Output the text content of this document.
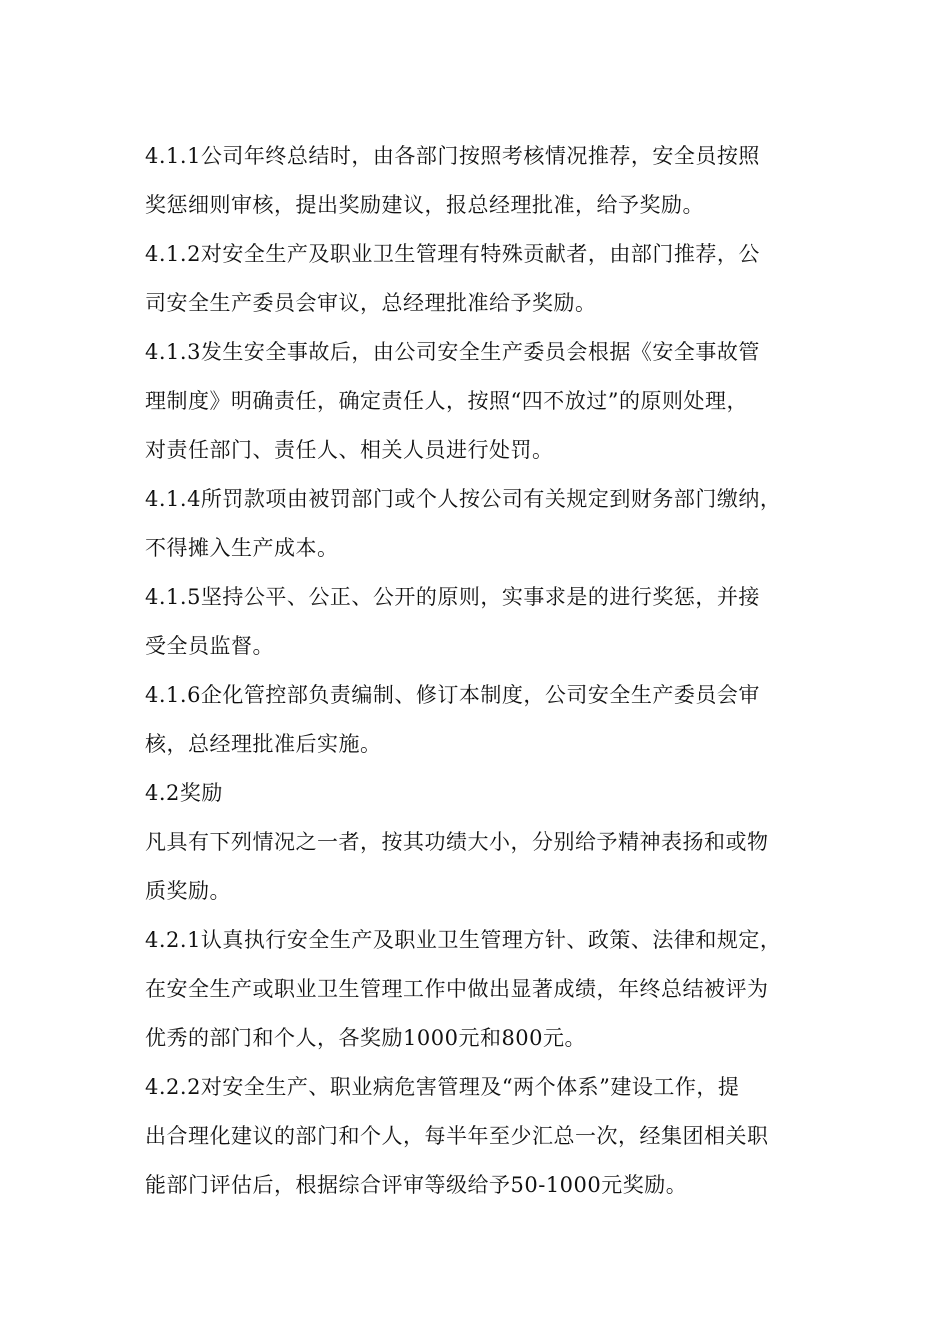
4.1.1公司年终总结时，由各部门按照考核情况推荐，安全员按照
奖惩细则审核，提出奖励建议，报总经理批准，给予奖励。
4.1.2对安全生产及职业卫生管理有特殊贡献者，由部门推荐，公
司安全生产委员会审议，总经理批准给予奖励。
4.1.3发生安全事故后，由公司安全生产委员会根据《安全事故管
理制度》明确责任，确定责任人，按照“四不放过”的原则处理，
对责任部门、责任人、相关人员进行处罚。
4.1.4所罚款项由被罚部门或个人按公司有关规定到财务部门缴纳，
不得摊入生产成本。
4.1.5坚持公平、公正、公开的原则，实事求是的进行奖惩，并接
受全员监督。
4.1.6企化管控部负责编制、修订本制度，公司安全生产委员会审
核，总经理批准后实施。
4.2奖励
凡具有下列情况之一者，按其功绩大小，分别给予精神表扬和或物
质奖励。
4.2.1认真执行安全生产及职业卫生管理方针、政策、法律和规定，
在安全生产或职业卫生管理工作中做出显著成绩，年终总结被评为
优秀的部门和个人，各奖励1000元和800元。
4.2.2对安全生产、职业病危害管理及“两个体系”建设工作，提
出合理化建议的部门和个人，每半年至少汇总一次，经集团相关职
能部门评估后，根据综合评审等级给予50-1000元奖励。
